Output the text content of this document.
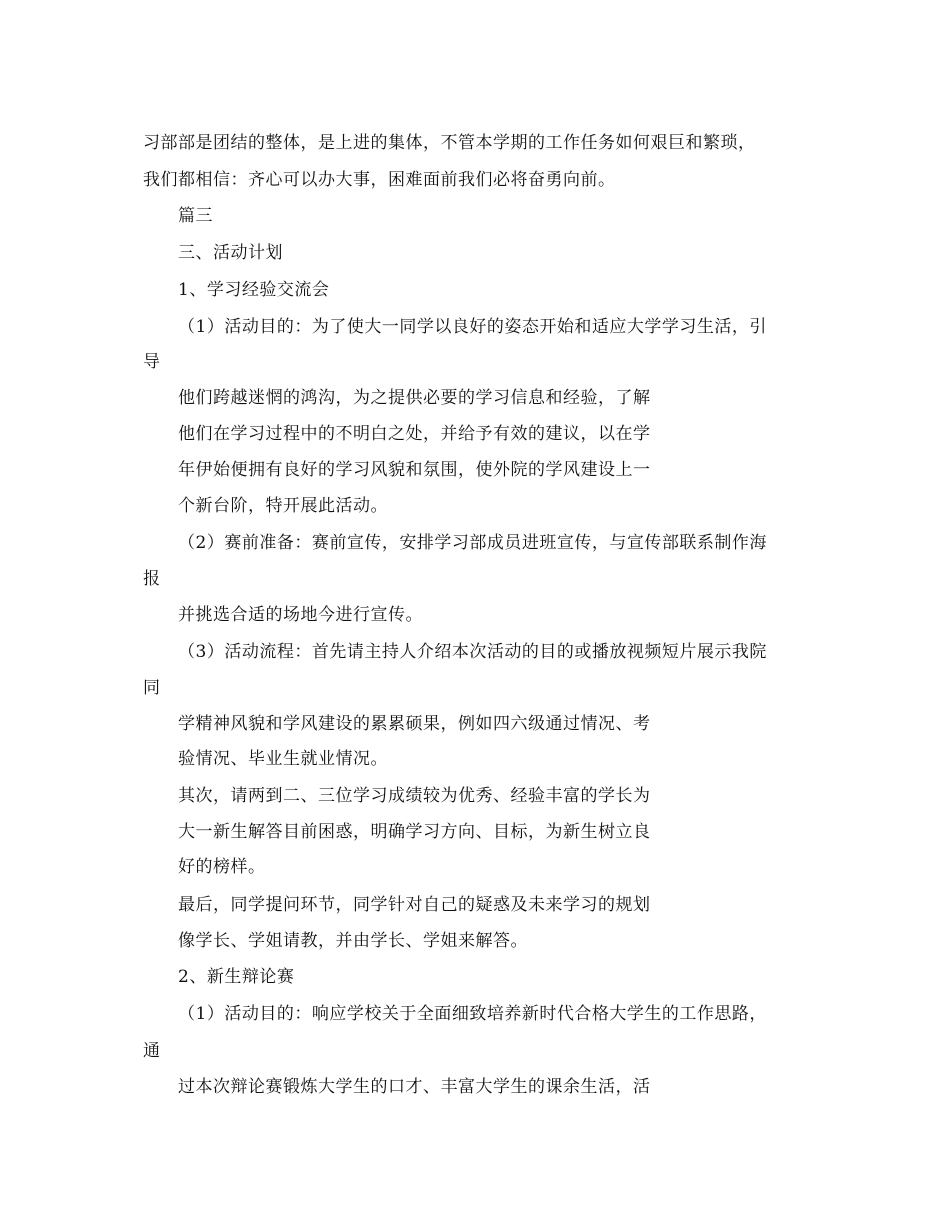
习部部是团结的整体，是上进的集体，不管本学期的工作任务如何艰巨和繁琐，
我们都相信：齐心可以办大事，困难面前我们必将奋勇向前。
篇三
三、活动计划
1、学习经验交流会
（1）活动目的：为了使大一同学以良好的姿态开始和适应大学学习生活，引
导
他们跨越迷惘的鸿沟，为之提供必要的学习信息和经验，了解
他们在学习过程中的不明白之处，并给予有效的建议，以在学
年伊始便拥有良好的学习风貌和氛围，使外院的学风建设上一
个新台阶，特开展此活动。
（2）赛前准备：赛前宣传，安排学习部成员进班宣传，与宣传部联系制作海
报
并挑选合适的场地今进行宣传。
（3）活动流程：首先请主持人介绍本次活动的目的或播放视频短片展示我院
同
学精神风貌和学风建设的累累硕果，例如四六级通过情况、考
验情况、毕业生就业情况。
其次，请两到二、三位学习成绩较为优秀、经验丰富的学长为
大一新生解答目前困惑，明确学习方向、目标，为新生树立良
好的榜样。
最后，同学提问环节，同学针对自己的疑惑及未来学习的规划
像学长、学姐请教，并由学长、学姐来解答。
2、新生辩论赛
（1）活动目的：响应学校关于全面细致培养新时代合格大学生的工作思路，
通
过本次辩论赛锻炼大学生的口才、丰富大学生的课余生活，活
